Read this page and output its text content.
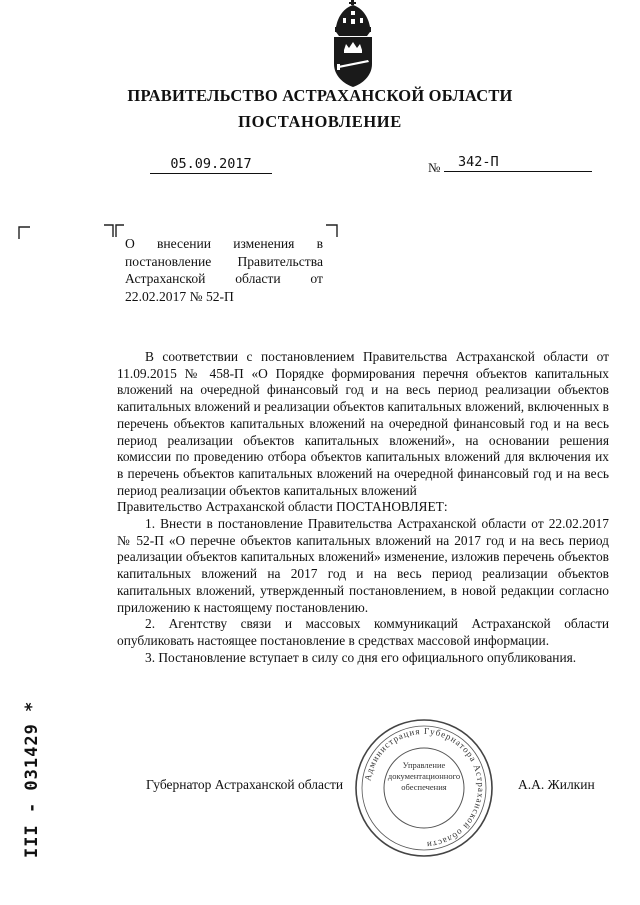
ПРАВИТЕЛЬСТВО АСТРАХАНСКОЙ ОБЛАСТИ
ПОСТАНОВЛЕНИЕ
05.09.2017	№	342-П
О внесении изменения в постановление Правительства Астраханской области от 22.02.2017 № 52-П

В соответствии с постановлением Правительства Астраханской области от 11.09.2015 № 458-П «О Порядке формирования перечня объектов капитальных вложений на очередной финансовый год и на весь период реализации объектов капитальных вложений и реализации объектов капитальных вложений, включенных в перечень объектов капитальных вложений на очередной финансовый год и на весь период реализации объектов капитальных вложений», на основании решения комиссии по проведению отбора объектов капитальных вложений для включения их в перечень объектов капитальных вложений на очередной финансовый год и на весь период реализации объектов капитальных вложений

Правительство Астраханской области ПОСТАНОВЛЯЕТ:

1. Внести в постановление Правительства Астраханской области от 22.02.2017 № 52-П «О перечне объектов капитальных вложений на 2017 год и на весь период реализации объектов капитальных вложений» изменение, изложив перечень объектов капитальных вложений на 2017 год и на весь период реализации объектов капитальных вложений, утвержденный постановлением, в новой редакции согласно приложению к настоящему постановлению.

2. Агентству связи и массовых коммуникаций Астраханской области опубликовать настоящее постановление в средствах массовой информации.

3. Постановление вступает в силу со дня его официального опубликования.

Администрация Губернатора Астраханской области
Управление документационного обеспечения
Губернатор Астраханской области	А.А. Жилкин
III - 031429 *
